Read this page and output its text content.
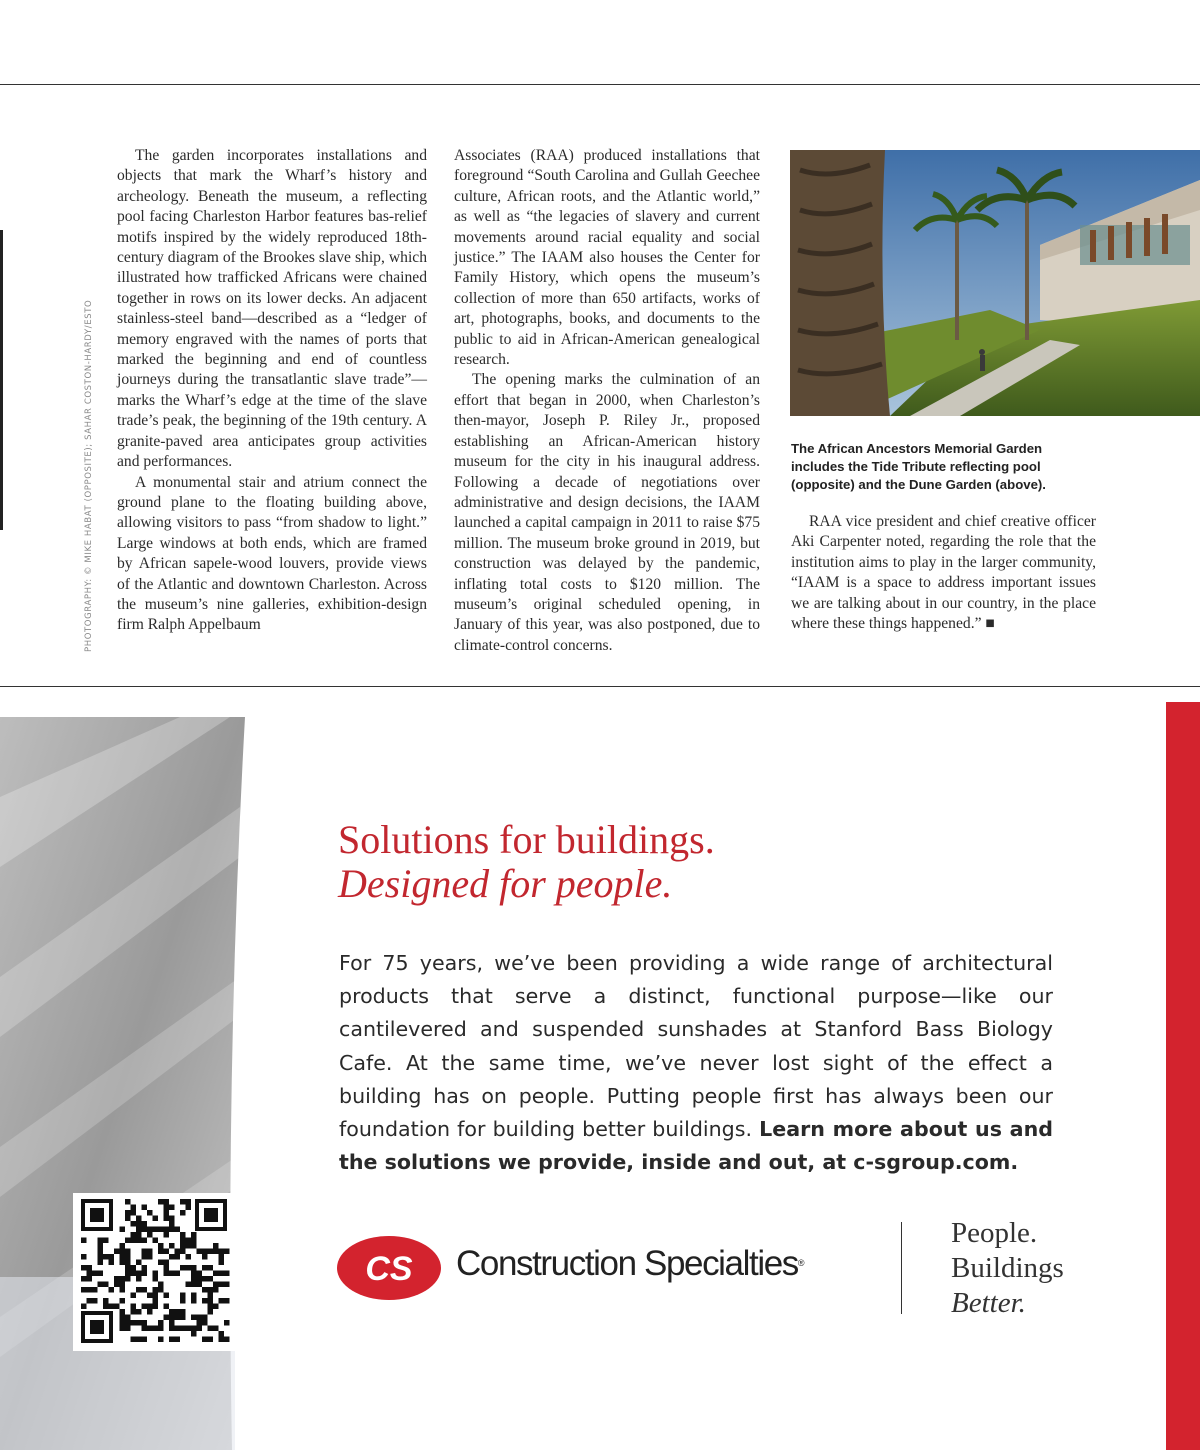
PHOTOGRAPHY: © MIKE HABAT (OPPOSITE); SAHAR COSTON-HARDY/ESTO

The garden incorporates installations and objects that mark the Wharf’s history and archeology. Beneath the museum, a reflecting pool facing Charleston Harbor features bas-relief motifs inspired by the widely reproduced 18th-century diagram of the Brookes slave ship, which illustrated how trafficked Africans were chained together in rows on its lower decks. An adjacent stainless-steel band—described as a “ledger of memory engraved with the names of ports that marked the beginning and end of countless journeys during the transatlantic slave trade”—marks the Wharf’s edge at the time of the slave trade’s peak, the beginning of the 19th century. A granite-paved area anticipates group activities and performances.

A monumental stair and atrium connect the ground plane to the floating building above, allowing visitors to pass “from shadow to light.” Large windows at both ends, which are framed by African sapele-wood louvers, provide views of the Atlantic and downtown Charleston. Across the museum’s nine galleries, exhibition-design firm Ralph Appelbaum

Associates (RAA) produced installations that foreground “South Carolina and Gullah Geechee culture, African roots, and the Atlantic world,” as well as “the legacies of slavery and current movements around racial equality and social justice.” The IAAM also houses the Center for Family History, which opens the museum’s collection of more than 650 artifacts, works of art, photographs, books, and documents to the public to aid in African-American genealogical research.

The opening marks the culmination of an effort that began in 2000, when Charleston’s then-mayor, Joseph P. Riley Jr., proposed establishing an African-American history museum for the city in his inaugural address. Following a decade of negotiations over administrative and design decisions, the IAAM launched a capital campaign in 2011 to raise $75 million. The museum broke ground in 2019, but construction was delayed by the pandemic, inflating total costs to $120 million. The museum’s original scheduled opening, in January of this year, was also postponed, due to climate-control concerns.

The African Ancestors Memorial Garden includes the Tide Tribute reflecting pool (opposite) and the Dune Garden (above).

RAA vice president and chief creative officer Aki Carpenter noted, regarding the role that the institution aims to play in the larger community, “IAAM is a space to address important issues we are talking about in our country, in the place where these things happened.” ■

Solutions for buildings.
Designed for people.
For 75 years, we’ve been providing a wide range of architectural products that serve a distinct, functional purpose—like our cantilevered and suspended sunshades at Stanford Bass Biology Cafe. At the same time, we’ve never lost sight of the effect a building has on people. Putting people first has always been our foundation for building better buildings. Learn more about us and the solutions we provide, inside and out, at c-sgroup.com.
CS Construction Specialties®
People.
Buildings
Better.
